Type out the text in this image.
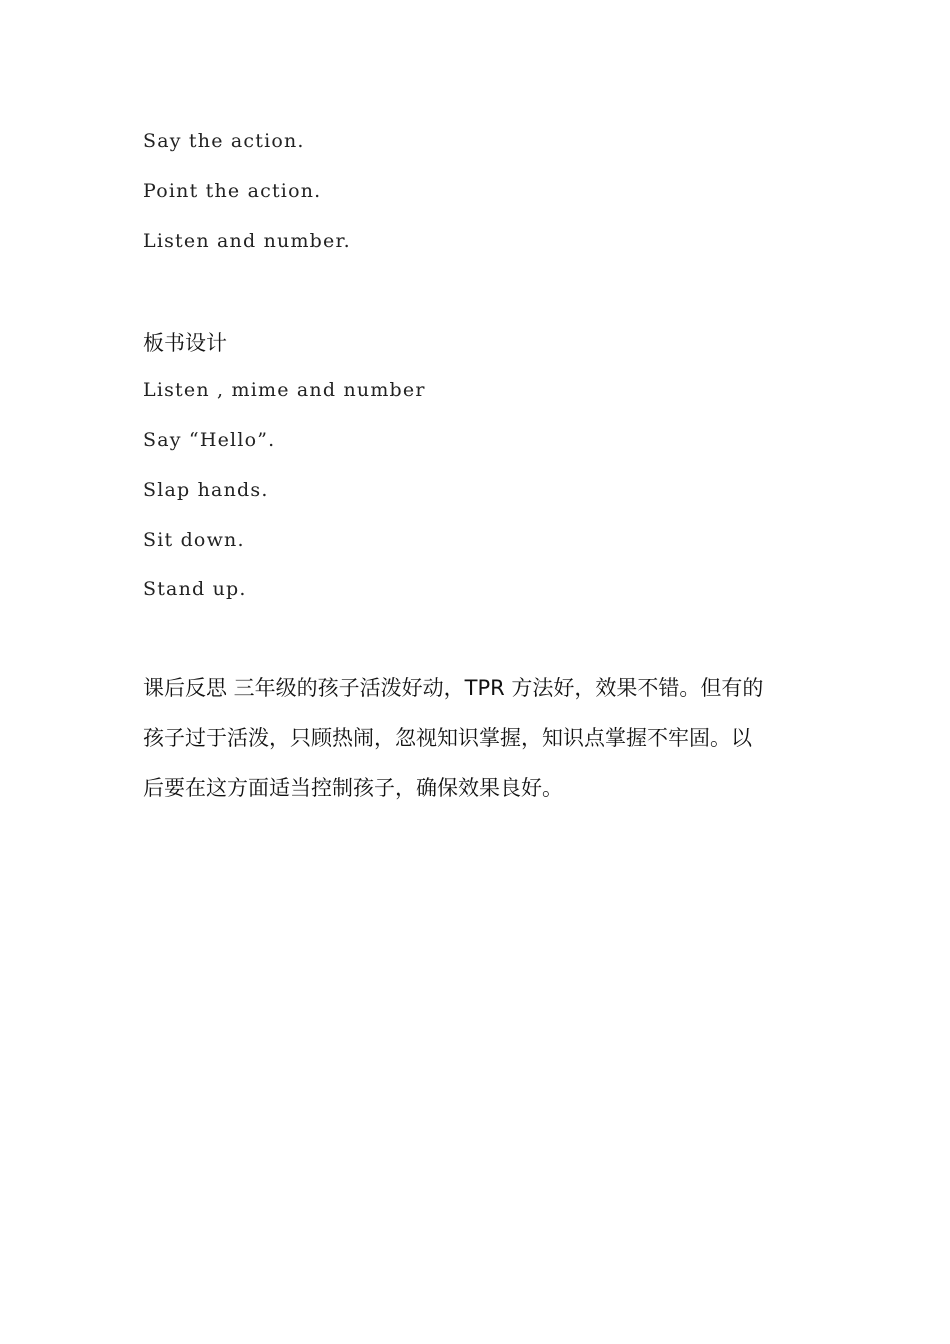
Say the action.
Point the action.
Listen and number.
板书设计
Listen , mime and number
Say “Hello”.
Slap hands.
Sit down.
Stand up.
课后反思 三年级的孩子活泼好动，TPR 方法好，效果不错。但有的
孩子过于活泼，只顾热闹，忽视知识掌握，知识点掌握不牢固。以
后要在这方面适当控制孩子，确保效果良好。
